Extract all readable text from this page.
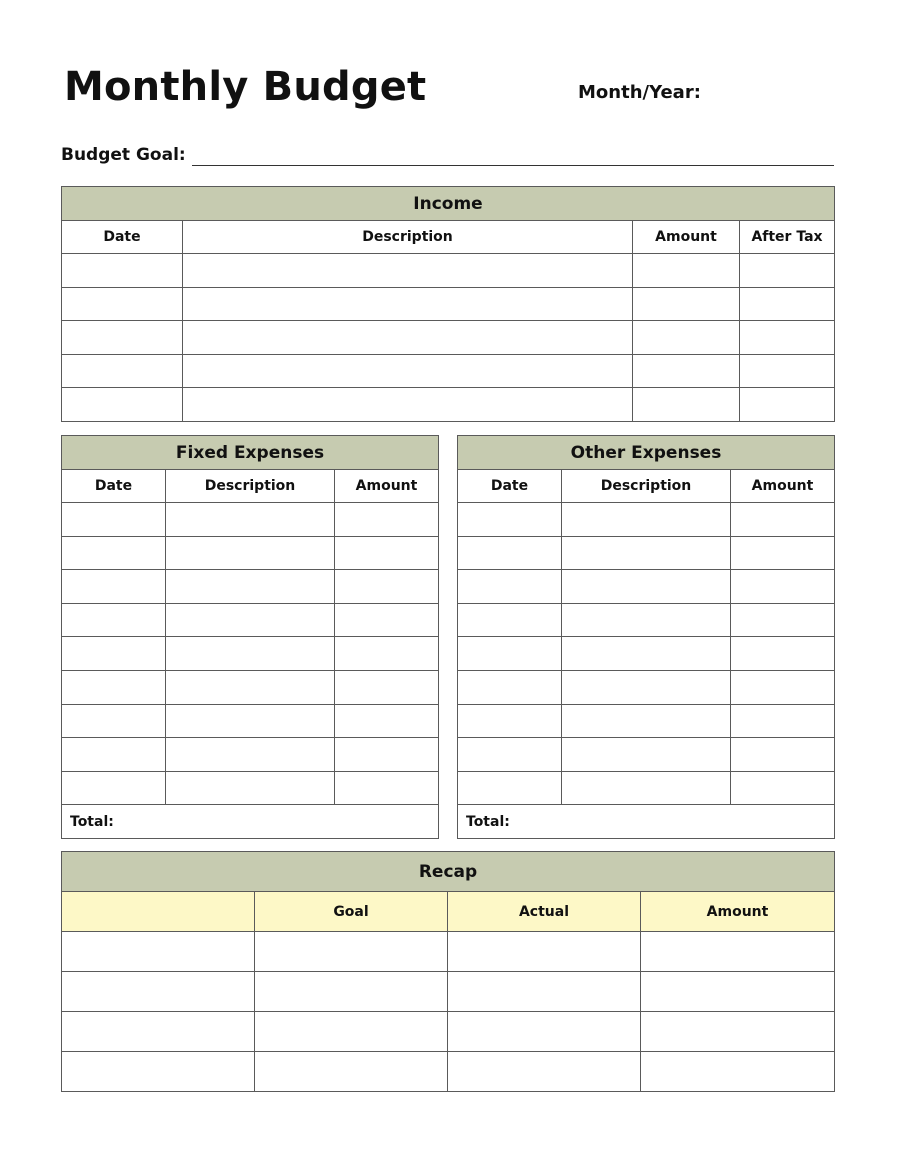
Monthly Budget	Month/Year:
Budget Goal:
Income			
Date	Description	Amount	After Tax

Fixed Expenses		
Date	Description	Amount

Total:		
Other Expenses		
Date	Description	Amount

Total:		
Recap			
	Goal	Actual	Amount
